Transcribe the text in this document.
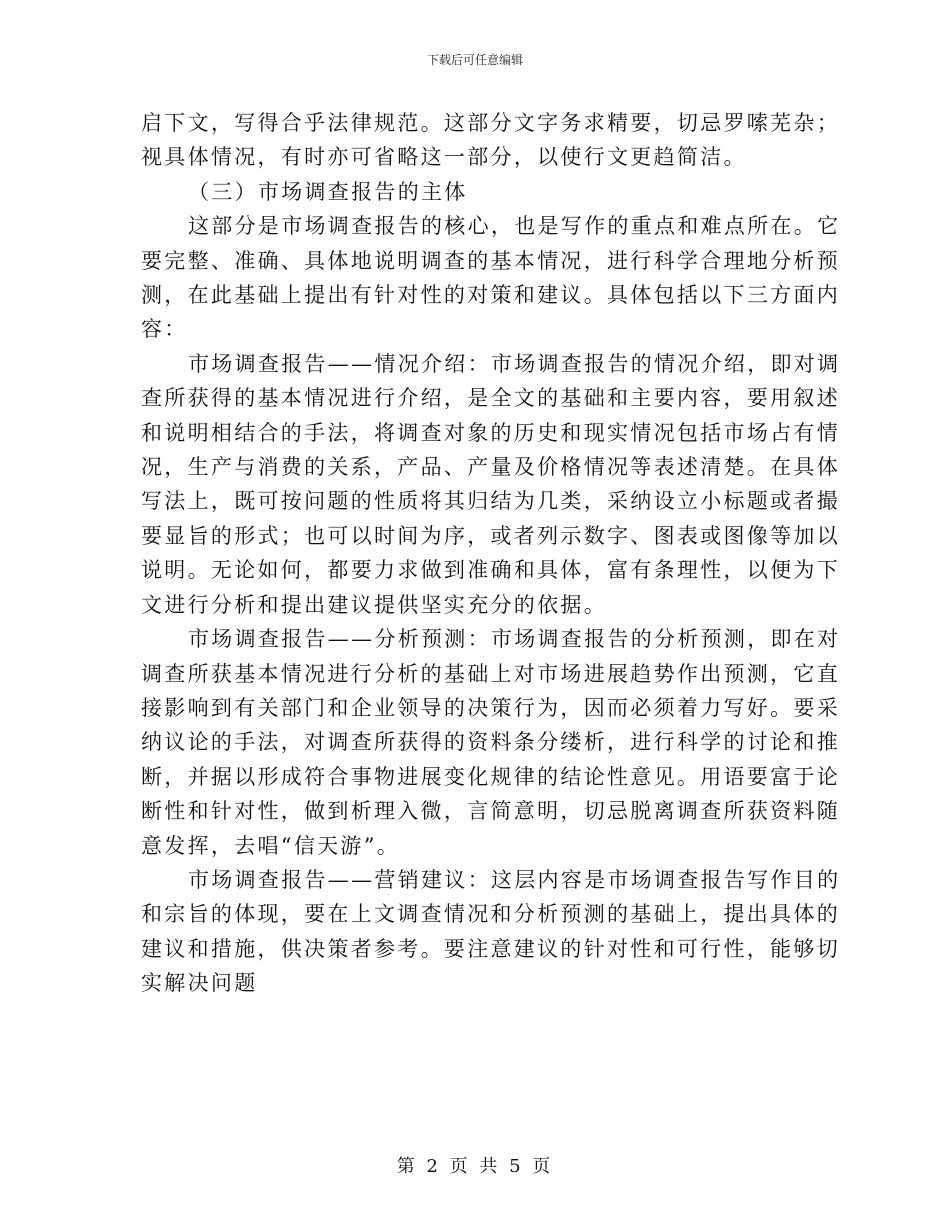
下载后可任意编辑

启下文，写得合乎法律规范。这部分文字务求精要，切忌罗嗦芜杂；
视具体情况，有时亦可省略这一部分，以使行文更趋简洁。

（三）市场调查报告的主体

这部分是市场调查报告的核心，也是写作的重点和难点所在。它
要完整、准确、具体地说明调查的基本情况，进行科学合理地分析预
测，在此基础上提出有针对性的对策和建议。具体包括以下三方面内
容：

市场调查报告——情况介绍：市场调查报告的情况介绍，即对调
查所获得的基本情况进行介绍，是全文的基础和主要内容，要用叙述
和说明相结合的手法，将调查对象的历史和现实情况包括市场占有情
况，生产与消费的关系，产品、产量及价格情况等表述清楚。在具体
写法上，既可按问题的性质将其归结为几类，采纳设立小标题或者撮
要显旨的形式；也可以时间为序，或者列示数字、图表或图像等加以
说明。无论如何，都要力求做到准确和具体，富有条理性，以便为下
文进行分析和提出建议提供坚实充分的依据。

市场调查报告——分析预测：市场调查报告的分析预测，即在对
调查所获基本情况进行分析的基础上对市场进展趋势作出预测，它直
接影响到有关部门和企业领导的决策行为，因而必须着力写好。要采
纳议论的手法，对调查所获得的资料条分缕析，进行科学的讨论和推
断，并据以形成符合事物进展变化规律的结论性意见。用语要富于论
断性和针对性，做到析理入微，言简意明，切忌脱离调查所获资料随
意发挥，去唱“信天游”。

市场调查报告——营销建议：这层内容是市场调查报告写作目的
和宗旨的体现，要在上文调查情况和分析预测的基础上，提出具体的
建议和措施，供决策者参考。要注意建议的针对性和可行性，能够切
实解决问题

第 2 页 共 5 页
